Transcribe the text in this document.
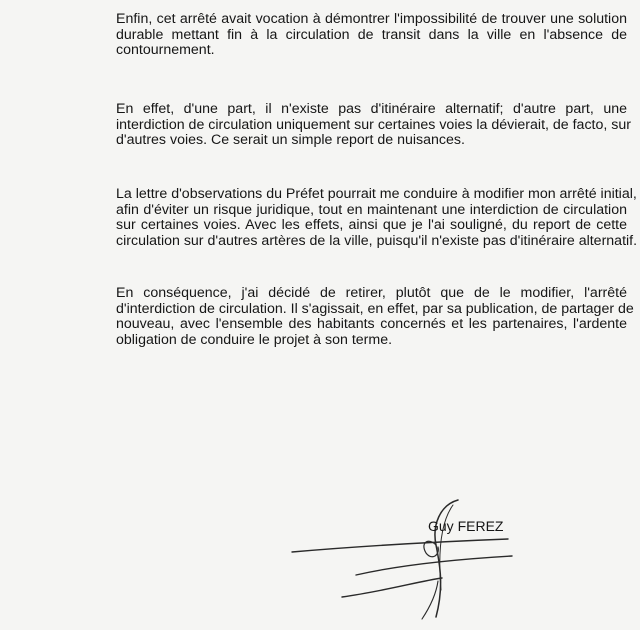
Enfin, cet arrêté avait vocation à démontrer l'impossibilité de trouver une solution
durable mettant fin à la circulation de transit dans la ville en l'absence de
contournement.

En effet, d'une part, il n'existe pas d'itinéraire alternatif; d'autre part, une
interdiction de circulation uniquement sur certaines voies la dévierait, de facto, sur
d'autres voies. Ce serait un simple report de nuisances.

La lettre d'observations du Préfet pourrait me conduire à modifier mon arrêté initial,
afin d'éviter un risque juridique, tout en maintenant une interdiction de circulation
sur certaines voies. Avec les effets, ainsi que je l'ai souligné, du report de cette
circulation sur d'autres artères de la ville, puisqu'il n'existe pas d'itinéraire alternatif.

En conséquence, j'ai décidé de retirer, plutôt que de le modifier, l'arrêté
d'interdiction de circulation. Il s'agissait, en effet, par sa publication, de partager de
nouveau, avec l'ensemble des habitants concernés et les partenaires, l'ardente
obligation de conduire le projet à son terme.

Guy FEREZ
